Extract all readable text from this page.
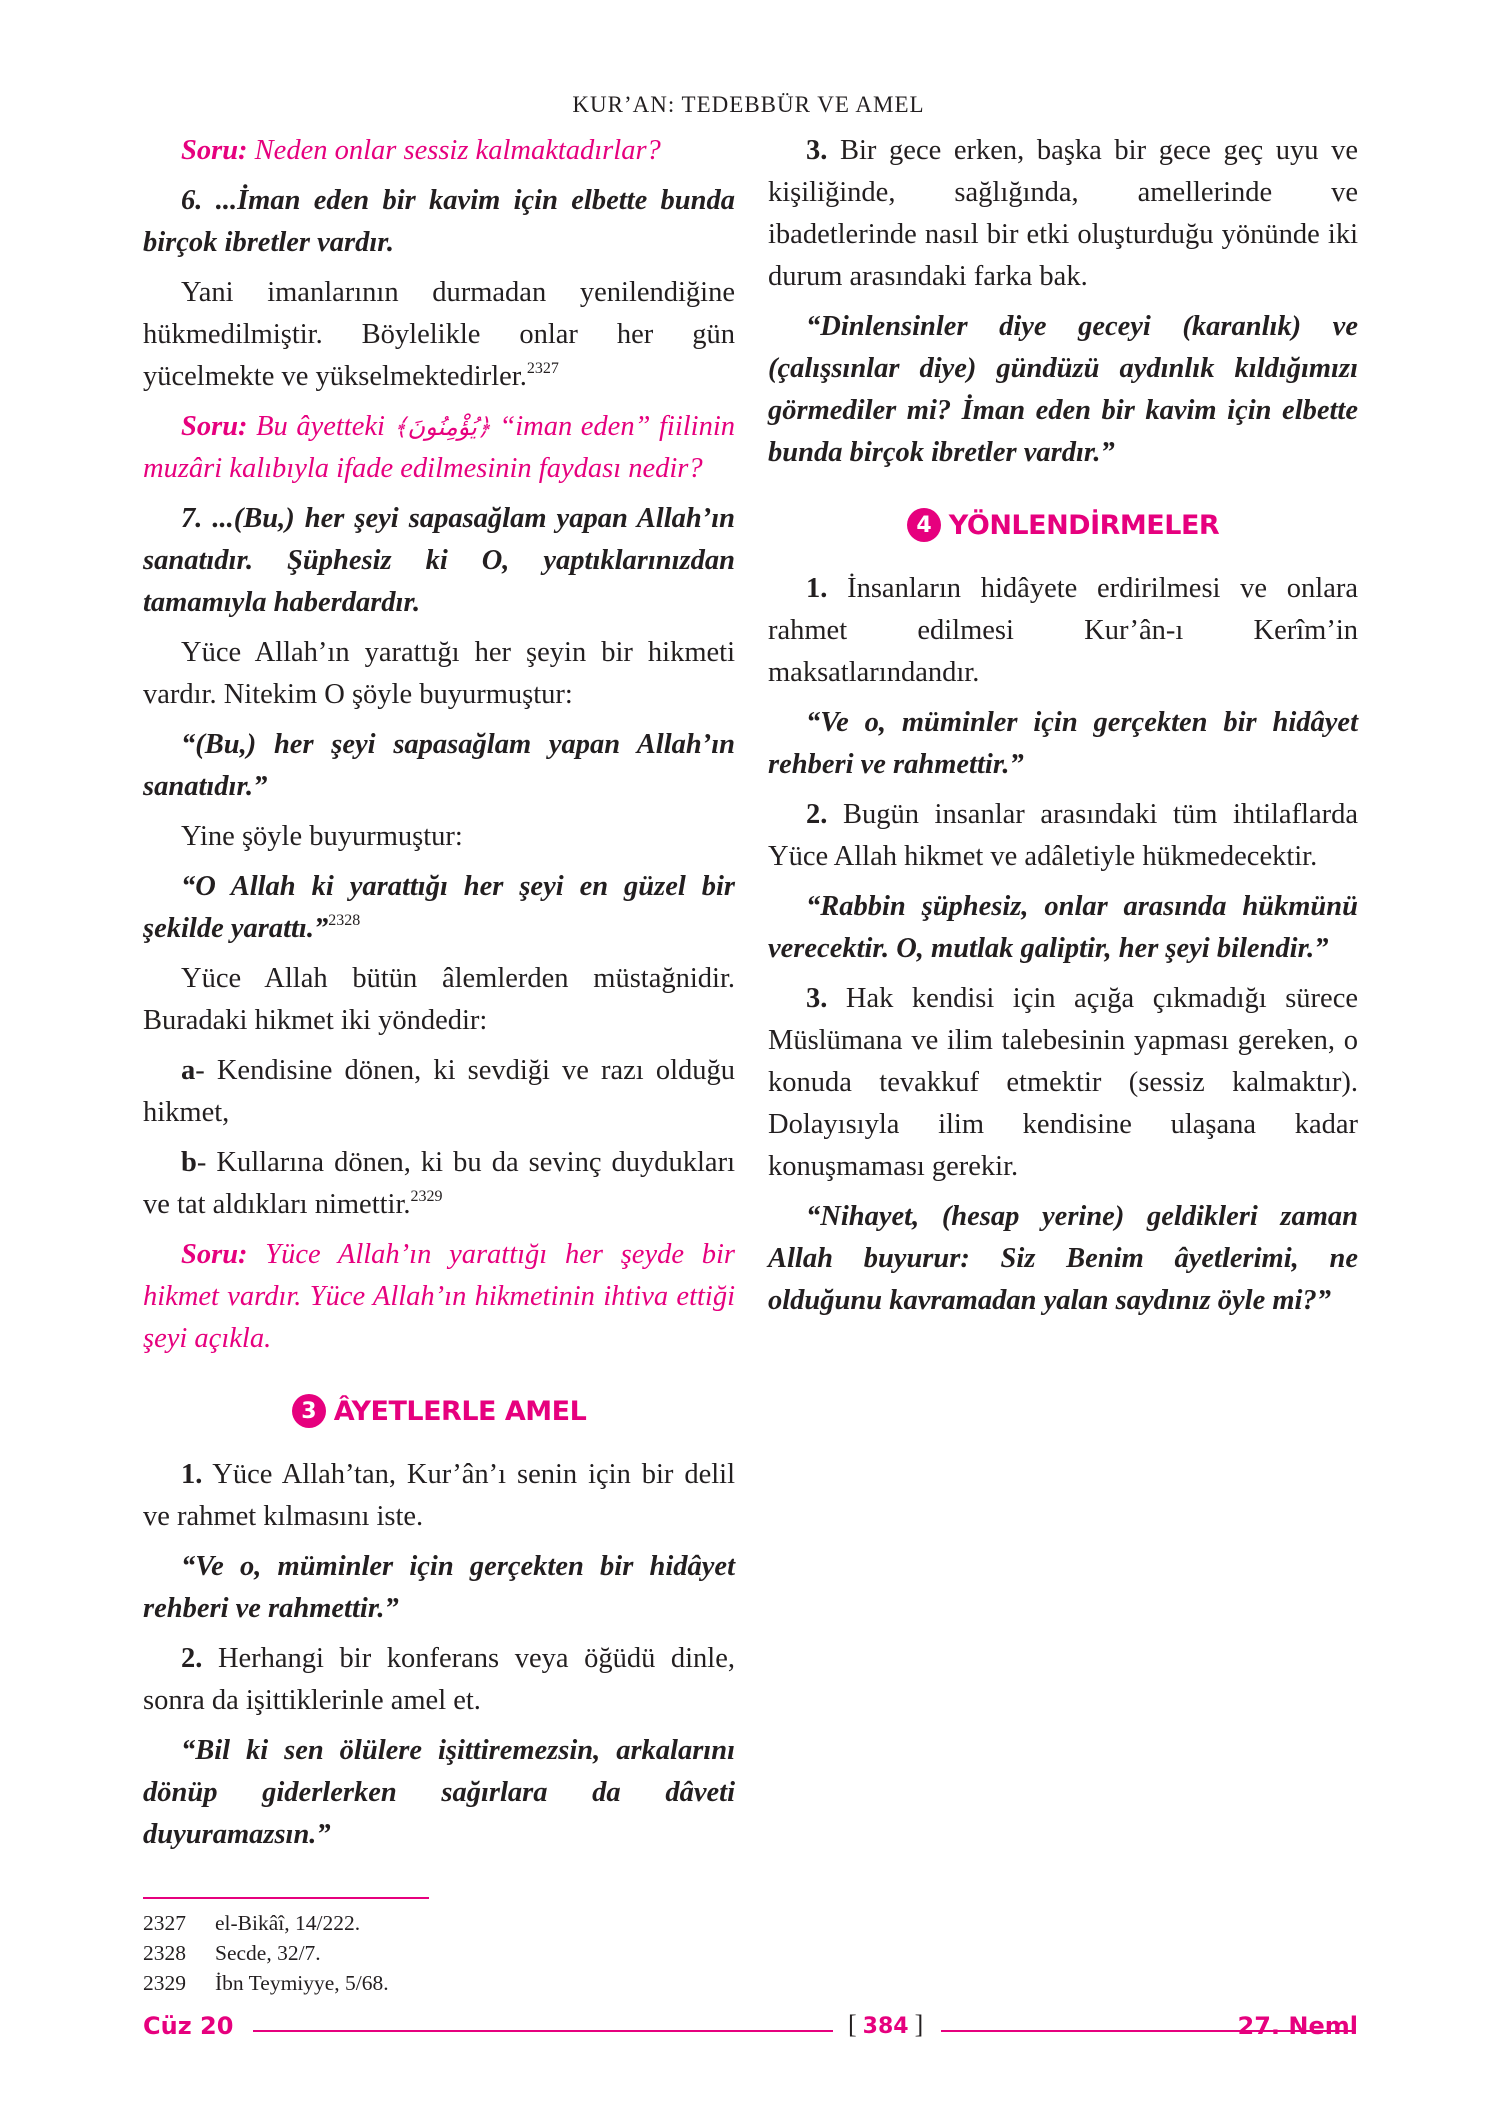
KUR’AN: TEDEBBÜR VE AMEL

Soru: Neden onlar sessiz kalmaktadırlar?

6. ...İman eden bir kavim için elbette bunda birçok ibretler vardır.

Yani imanlarının durmadan yenilendiğine hükmedilmiştir. Böylelikle onlar her gün yücelmekte ve yükselmektedirler.$^{2327}$

Soru: Bu âyetteki ﴿يُؤْمِنُونَ﴾ “iman eden” fiilinin muzâri kalıbıyla ifade edilmesinin faydası nedir?

7. ...(Bu,) her şeyi sapasağlam yapan Allah’ın sanatıdır. Şüphesiz ki O, yaptıklarınızdan tamamıyla haberdardır.

Yüce Allah’ın yarattığı her şeyin bir hikmeti vardır. Nitekim O şöyle buyurmuştur:

“(Bu,) her şeyi sapasağlam yapan Allah’ın sanatıdır.”

Yine şöyle buyurmuştur:

“O Allah ki yarattığı her şeyi en güzel bir şekilde yarattı.”$^{2328}$

Yüce Allah bütün âlemlerden müstağnidir. Buradaki hikmet iki yöndedir:

a- Kendisine dönen, ki sevdiği ve razı olduğu hikmet,

b- Kullarına dönen, ki bu da sevinç duydukları ve tat aldıkları nimettir.$^{2329}$

Soru: Yüce Allah’ın yarattığı her şeyde bir hikmet vardır. Yüce Allah’ın hikmetinin ihtiva ettiği şeyi açıkla.

3 ÂYETLERLE AMEL

1. Yüce Allah’tan, Kur’ân’ı senin için bir delil ve rahmet kılmasını iste.

“Ve o, müminler için gerçekten bir hidâyet rehberi ve rahmettir.”

2. Herhangi bir konferans veya öğüdü dinle, sonra da işittiklerinle amel et.

“Bil ki sen ölülere işittiremezsin, arkalarını dönüp giderlerken sağırlara da dâveti duyuramazsın.”

3. Bir gece erken, başka bir gece geç uyu ve kişiliğinde, sağlığında, amellerinde ve ibadetlerinde nasıl bir etki oluşturduğu yönünde iki durum arasındaki farka bak.

“Dinlensinler diye geceyi (karanlık) ve (çalışsınlar diye) gündüzü aydınlık kıldığımızı görmediler mi? İman eden bir kavim için elbette bunda birçok ibretler vardır.”

4 YÖNLENDİRMELER

1. İnsanların hidâyete erdirilmesi ve onlara rahmet edilmesi Kur’ân-ı Kerîm’in maksatlarındandır.

“Ve o, müminler için gerçekten bir hidâyet rehberi ve rahmettir.”

2. Bugün insanlar arasındaki tüm ihtilaflarda Yüce Allah hikmet ve adâletiyle hükmedecektir.

“Rabbin şüphesiz, onlar arasında hükmünü verecektir. O, mutlak galiptir, her şeyi bilendir.”

3. Hak kendisi için açığa çıkmadığı sürece Müslümana ve ilim talebesinin yapması gereken, o konuda tevakkuf etmektir (sessiz kalmaktır). Dolayısıyla ilim kendisine ulaşana kadar konuşmaması gerekir.

“Nihayet, (hesap yerine) geldikleri zaman Allah buyurur: Siz Benim âyetlerimi, ne olduğunu kavramadan yalan saydınız öyle mi?”

2327	el-Bikâî, 14/222.
2328	Secde, 32/7.
2329	İbn Teymiyye, 5/68.
Cüz 20	[ 384 ]	27. Neml
